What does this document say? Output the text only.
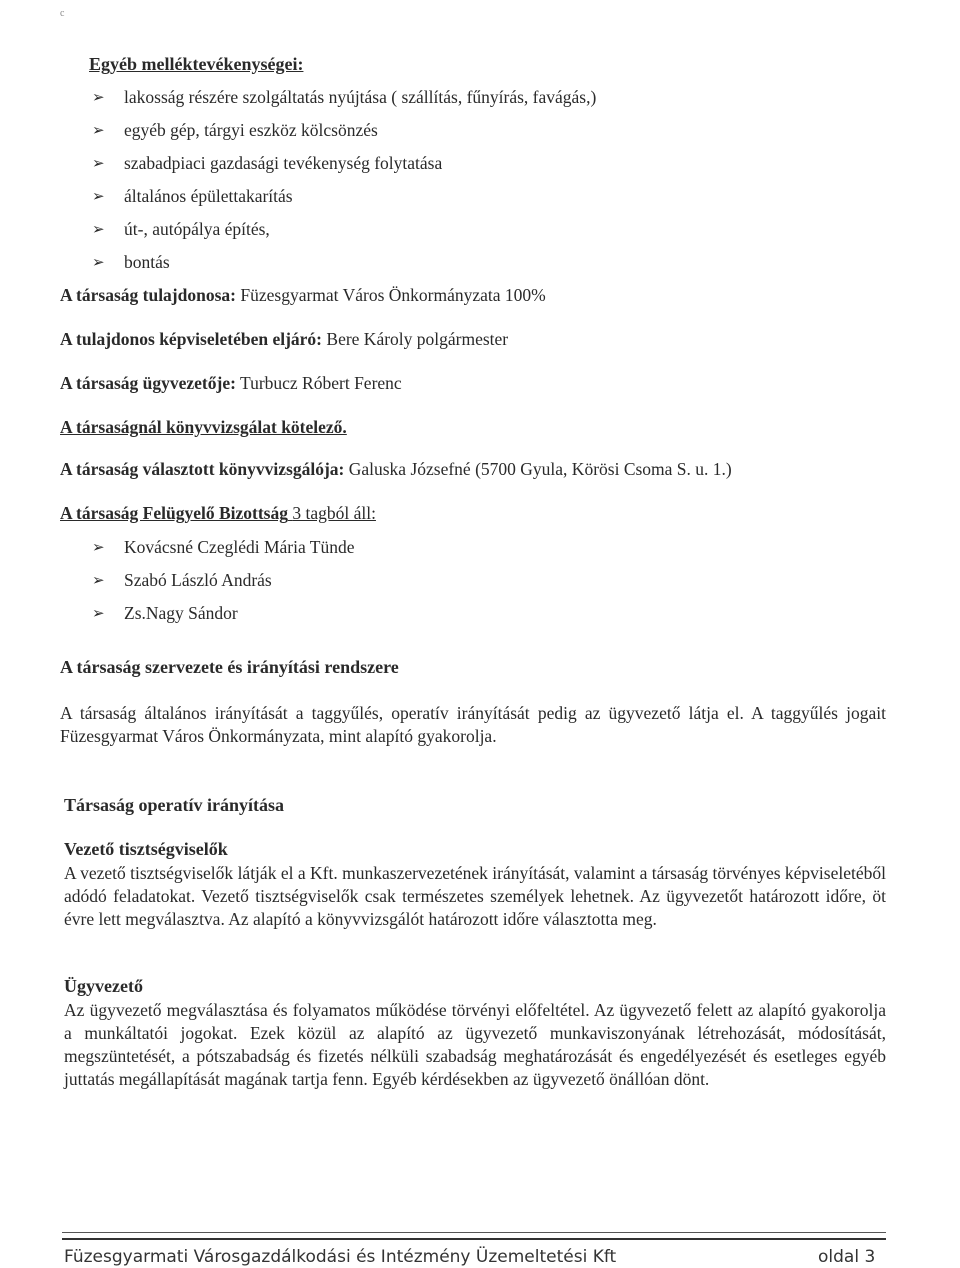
c
Egyéb melléktevékenységei:
➢ lakosság részére szolgáltatás nyújtása ( szállítás, fűnyírás, favágás,)
➢ egyéb gép, tárgyi eszköz kölcsönzés
➢ szabadpiaci gazdasági tevékenység folytatása
➢ általános épülettakarítás
➢ út-, autópálya építés,
➢ bontás
A társaság tulajdonosa: Füzesgyarmat Város Önkormányzata 100%
A tulajdonos képviseletében eljáró: Bere Károly polgármester
A társaság ügyvezetője: Turbucz Róbert Ferenc
A társaságnál könyvvizsgálat kötelező.
A társaság választott könyvvizsgálója: Galuska Józsefné (5700 Gyula, Körösi Csoma S. u. 1.)
A társaság Felügyelő Bizottság 3 tagból áll:
➢ Kovácsné Czeglédi Mária Tünde
➢ Szabó László András
➢ Zs.Nagy Sándor
A társaság szervezete és irányítási rendszere
A társaság általános irányítását a taggyűlés, operatív irányítását pedig az ügyvezető látja el. A taggyűlés jogait Füzesgyarmat Város Önkormányzata, mint alapító gyakorolja.
Társaság operatív irányítása
Vezető tisztségviselők
A vezető tisztségviselők látják el a Kft. munkaszervezetének irányítását, valamint a társaság törvényes képviseletéből adódó feladatokat. Vezető tisztségviselők csak természetes személyek lehetnek. Az ügyvezetőt határozott időre, öt évre lett megválasztva. Az alapító a könyvvizsgálót határozott időre választotta meg.
Ügyvezető
Az ügyvezető megválasztása és folyamatos működése törvényi előfeltétel. Az ügyvezető felett az alapító gyakorolja a munkáltatói jogokat. Ezek közül az alapító az ügyvezető munkaviszonyának létrehozását, módosítását, megszüntetését, a pótszabadság és fizetés nélküli szabadság meghatározását és engedélyezését és esetleges egyéb juttatás megállapítását magának tartja fenn. Egyéb kérdésekben az ügyvezető önállóan dönt.
Füzesgyarmati Városgazdálkodási és Intézmény Üzemeltetési Kft	oldal 3
